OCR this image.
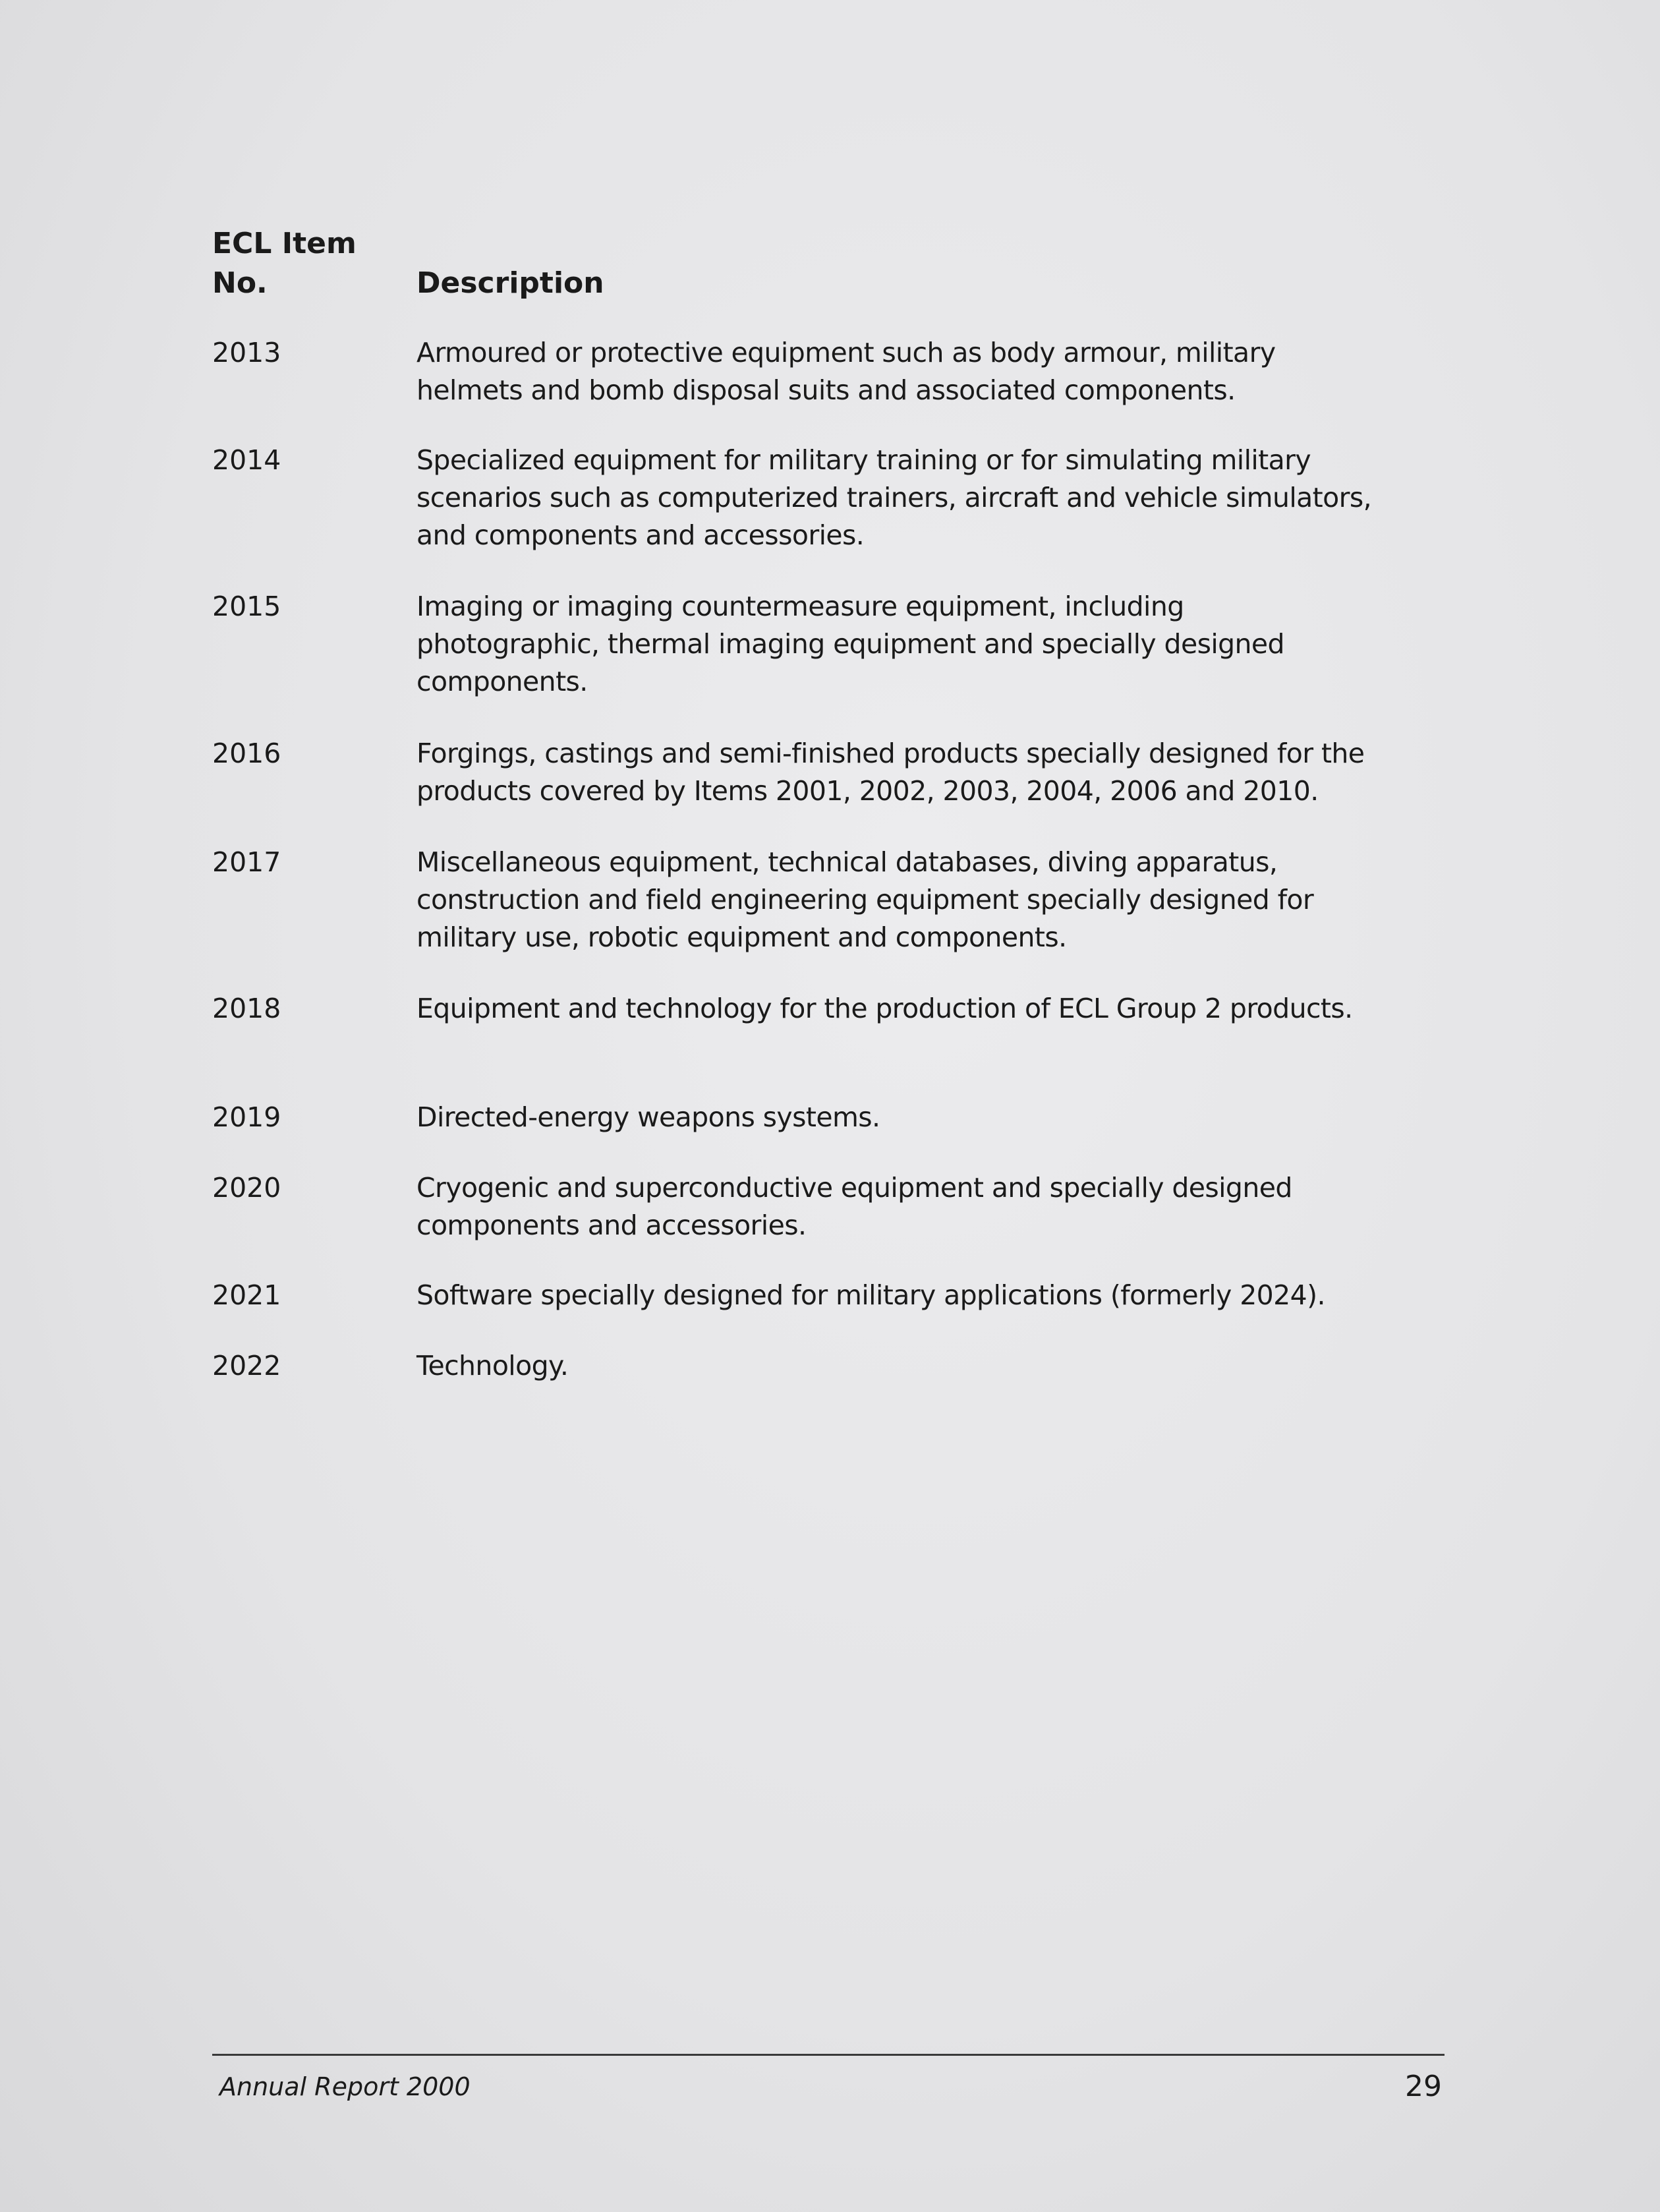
ECL Item
No.	Description
2013	Armoured or protective equipment such as body armour, military helmets and bomb disposal suits and associated components.
2014	Specialized equipment for military training or for simulating military scenarios such as computerized trainers, aircraft and vehicle simulators, and components and accessories.
2015	Imaging or imaging countermeasure equipment, including photographic, thermal imaging equipment and specially designed components.
2016	Forgings, castings and semi-finished products specially designed for the products covered by Items 2001, 2002, 2003, 2004, 2006 and 2010.
2017	Miscellaneous equipment, technical databases, diving apparatus, construction and field engineering equipment specially designed for military use, robotic equipment and components.
2018	Equipment and technology for the production of ECL Group 2 products.
2019	Directed-energy weapons systems.
2020	Cryogenic and superconductive equipment and specially designed components and accessories.
2021	Software specially designed for military applications (formerly 2024).
2022	Technology.
Annual Report 2000	29
